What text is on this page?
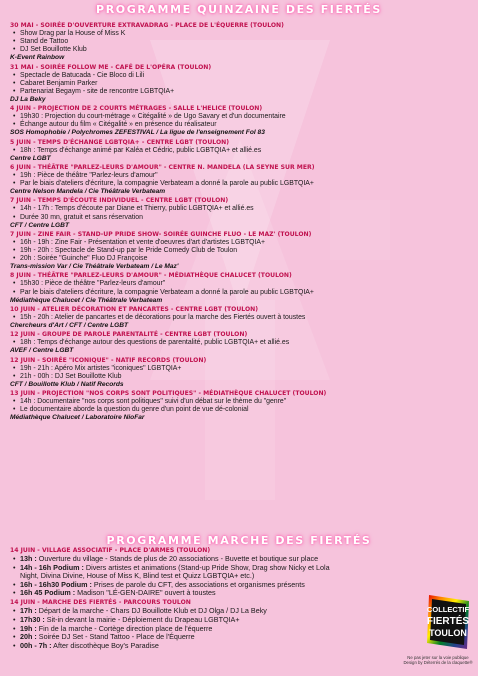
PROGRAMME QUINZAINE DES FIERTÉS
30 MAI - SOIRÉE D'OUVERTURE EXTRAVADRAG - PLACE DE L'ÉQUERRE (TOULON)
• Show Drag par la House of Miss K
• Stand de Tattoo
• DJ Set Bouillotte Klub
K-Event Rainbow
31 MAI - SOIRÉE FOLLOW ME - CAFÉ DE L'OPÉRA (TOULON)
• Spectacle de Batucada - Cie Bloco di Lili
• Cabaret Benjamin Parker
• Partenariat Begaym - site de rencontre LGBTQIA+
DJ La Beky
4 JUIN - PROJECTION DE 2 COURTS MÉTRAGES - SALLE L'HELICE (TOULON)
• 19h30 : Projection du court-métrage « Citégalité » de Ugo Savary et d'un documentaire
• Échange autour du film « Citégalité » en présence du réalisateur
SOS Homophobie / Polychromes ZEFESTIVAL / La ligue de l'enseignement Fol 83
5 JUIN - TEMPS D'ÉCHANGE LGBTQIA+ - CENTRE LGBT (TOULON)
• 18h : Temps d'échange animé par Kaléa et Cédric, public LGBTQIA+ et allié.es
Centre LGBT
6 JUIN - THÉÂTRE "PARLEZ-LEURS D'AMOUR" - CENTRE N. MANDELA (LA SEYNE SUR MER)
• 19h : Pièce de théâtre "Parlez-leurs d'amour"
• Par le biais d'ateliers d'écriture, la compagnie Verbateam a donné la parole au public LGBTQIA+
Centre Nelson Mandela / Cie Théâtrale Verbateam
7 JUIN - TEMPS D'ÉCOUTE INDIVIDUEL - CENTRE LGBT (TOULON)
• 14h - 17h : Temps d'écoute par Diane et Thierry, public LGBTQIA+ et allié.es
• Durée 30 mn, gratuit et sans réservation
CFT / Centre LGBT
7 JUIN - ZINE FAIR - STAND-UP PRIDE SHOW- SOIRÉE GUINCHE FLUO - LE MAZ' (TOULON)
• 16h - 19h : Zine Fair - Présentation et vente d'oeuvres d'art d'artistes LGBTQIA+
• 19h - 20h : Spectacle de Stand-up par le Pride Comedy Club de Toulon
• 20h : Soirée "Guinche" Fluo DJ Françoise
Trans-mission Var / Cie Théâtrale Verbateam / Le Maz'
8 JUIN - THÉÂTRE "PARLEZ-LEURS D'AMOUR" - MÉDIATHÈQUE CHALUCET (TOULON)
• 15h30 : Pièce de théâtre "Parlez-leurs d'amour"
• Par le biais d'ateliers d'écriture, la compagnie Verbateam a donné la parole au public LGBTQIA+
Médiathèque Chalucet / Cie Théâtrale Verbateam
10 JUIN - ATELIER DÉCORATION ET PANCARTES - CENTRE LGBT (TOULON)
• 15h - 20h : Atelier de pancartes et de décorations pour la marche des Fiertés ouvert à toustes
Chercheurs d'Art / CFT / Centre LGBT
12 JUIN - GROUPE DE PAROLE PARENTALITÉ - CENTRE LGBT (TOULON)
• 18h : Temps d'échange autour des questions de parentalité, public LGBTQIA+ et allié.es
AVEF / Centre LGBT
12 JUIN - SOIRÉE "ICONIQUE" - NATIF RECORDS (TOULON)
• 19h - 21h : Apéro Mix artistes "iconiques" LGBTQIA+
• 21h - 00h : DJ Set Bouillotte Klub
CFT / Bouillotte Klub / Natif Records
13 JUIN - PROJECTION "NOS CORPS SONT POLITIQUES" - MÉDIATHÈQUE CHALUCET (TOULON)
• 14h : Documentaire "nos corps sont politiques" suivi d'un débat sur le thème du "genre"
• Le documentaire aborde la question du genre d'un point de vue dé-colonial
Médiathèque Chalucet / Laboratoire NioFar
PROGRAMME MARCHE DES FIERTÉS
14 JUIN - VILLAGE ASSOCIATIF - PLACE D'ARMES (TOULON)
• 13h : Ouverture du village - Stands de plus de 20 associations - Buvette et boutique sur place
• 14h - 16h Podium : Divers artistes et animations (Stand-up Pride Show, Drag show Nicky et Lola
Night, Divina Divine, House of Miss K, Blind test et Quizz LGBTQIA+ etc.)
• 16h - 16h30 Podium : Prises de parole du CFT, des associations et organismes présents
• 16h 45 Podium : Madison "LÉ-GEN-DAIRE" ouvert à toustes
14 JUIN - MARCHE DES FIERTÉS - PARCOURS TOULON
• 17h : Départ de la marche - Chars DJ Bouillotte Klub et DJ Olga / DJ La Beky
• 17h30 : Sit-in devant la mairie - Déploiement du Drapeau LGBTQIA+
• 19h : Fin de la marche - Cortège direction place de l'équerre
• 20h : Soirée DJ Set - Stand Tattoo - Place de l'Équerre
• 00h - 7h : After discothèque Boy's Paradise
COLLECTIF
FIERTÉS
TOULON
Ne pas jeter sur la voie publique
Design by Déterrés de la claquette®
